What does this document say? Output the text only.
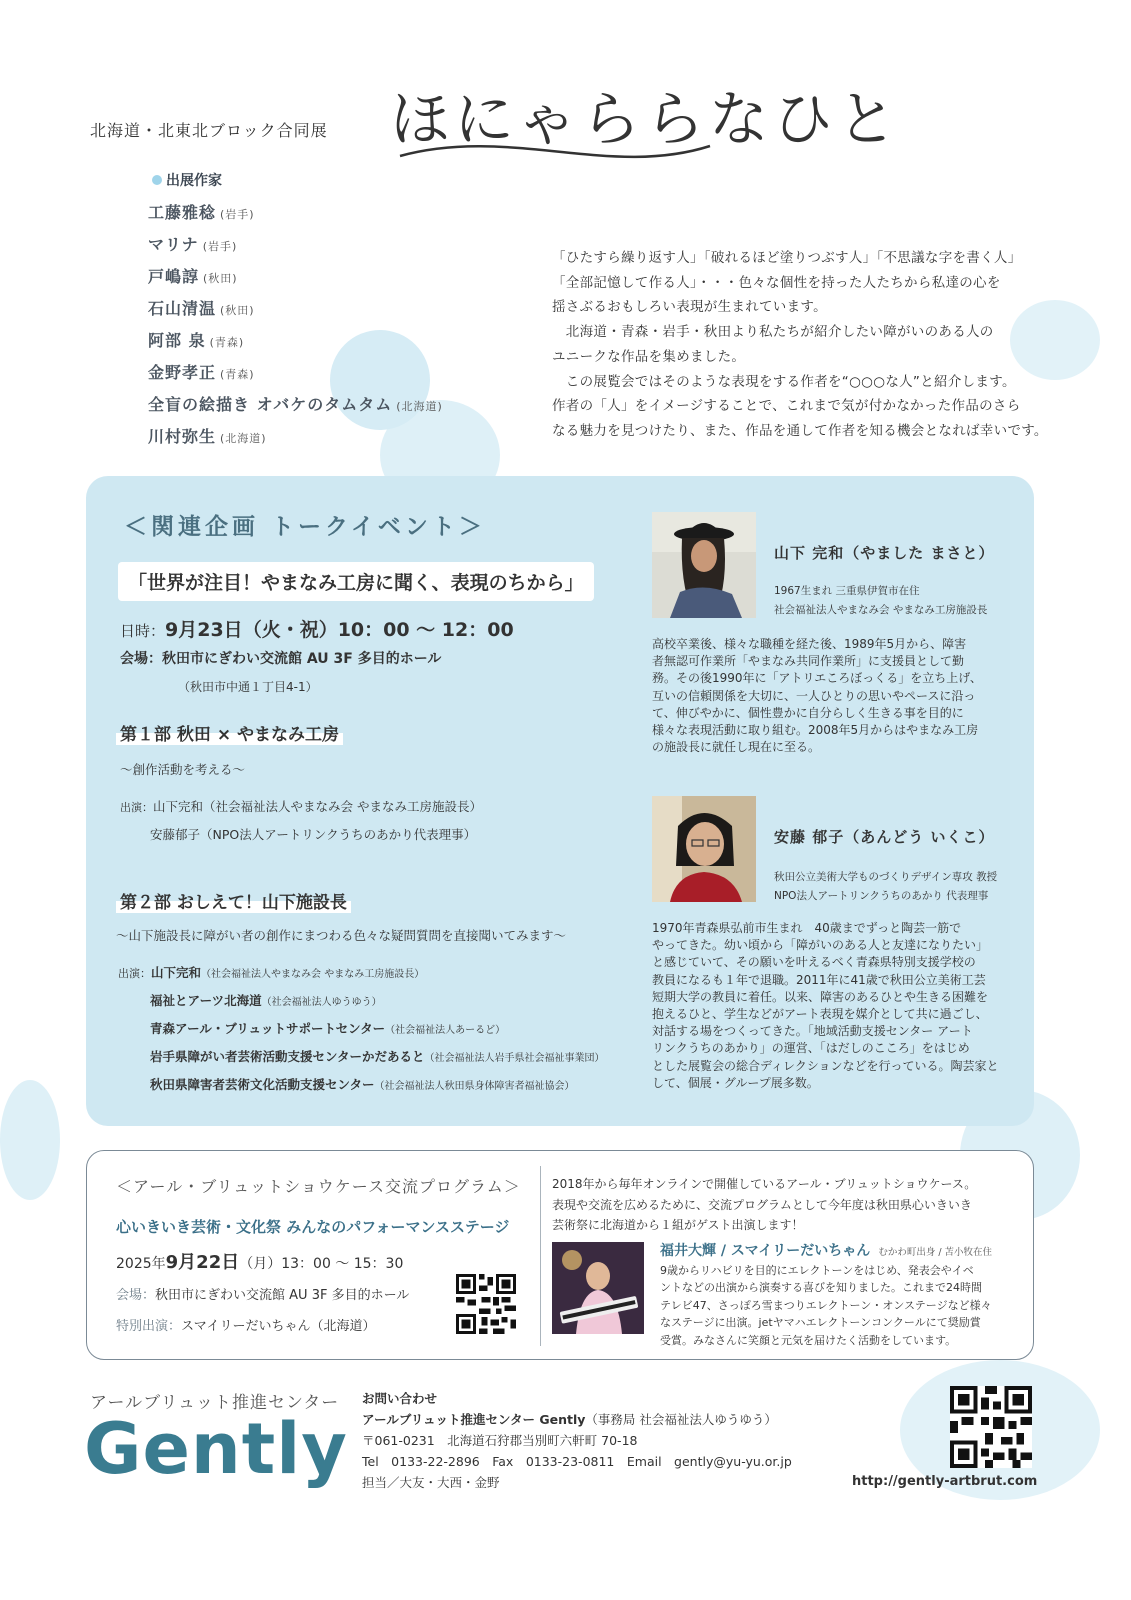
北海道・北東北ブロック合同展 ほにゃららなひと
出展作家
工藤雅稔 (岩手)
マリナ (岩手)
戸嶋諄 (秋田)
石山清温 (秋田)
阿部 泉 (青森)
金野孝正 (青森)
全盲の絵描き オバケのタムタム (北海道)
川村弥生 (北海道)

「ひたすら繰り返す人」「破れるほど塗りつぶす人」「不思議な字を書く人」

「全部記憶して作る人」・・・色々な個性を持った人たちから私達の心を

揺さぶるおもしろい表現が生まれています。

　北海道・青森・岩手・秋田より私たちが紹介したい障がいのある人の

ユニークな作品を集めました。

　この展覧会ではそのような表現をする作者を“○○○な人”と紹介します。

作者の「人」をイメージすることで、これまで気が付かなかった作品のさら

なる魅力を見つけたり、また、作品を通して作者を知る機会となれば幸いです。

＜関連企画 トークイベント＞
「世界が注目！やまなみ工房に聞く、表現のちから」
日時：9月23日（火・祝）10：00 ～ 12：00
会場：秋田市にぎわい交流館 AU 3F 多目的ホール
（秋田市中通１丁目4-1）
第１部 秋田 × やまなみ工房
～創作活動を考える～
出演：山下完和（社会福祉法人やまなみ会 やまなみ工房施設長）
安藤郁子（NPO法人アートリンクうちのあかり代表理事）
第２部 おしえて！山下施設長
～山下施設長に障がい者の創作にまつわる色々な疑問質問を直接聞いてみます～
出演：山下完和（社会福祉法人やまなみ会 やまなみ工房施設長）
福祉とアーツ北海道（社会福祉法人ゆうゆう）
青森アール・ブリュットサポートセンター（社会福祉法人あーるど）
岩手県障がい者芸術活動支援センターかだあると（社会福祉法人岩手県社会福祉事業団）
秋田県障害者芸術文化活動支援センター（社会福祉法人秋田県身体障害者福祉協会）
山下 完和（やました まさと）
1967生まれ 三重県伊賀市在住
社会福祉法人やまなみ会 やまなみ工房施設長
高校卒業後、様々な職種を経た後、1989年5月から、障害
者無認可作業所「やまなみ共同作業所」に支援員として勤
務。その後1990年に「アトリエころぼっくる」を立ち上げ、
互いの信頼関係を大切に、一人ひとりの思いやペースに沿っ
て、伸びやかに、個性豊かに自分らしく生きる事を目的に
様々な表現活動に取り組む。2008年5月からはやまなみ工房
の施設長に就任し現在に至る。
安藤 郁子（あんどう いくこ）
秋田公立美術大学ものづくりデザイン専攻 教授
NPO法人アートリンクうちのあかり 代表理事
1970年青森県弘前市生まれ　40歳までずっと陶芸一筋で
やってきた。幼い頃から「障がいのある人と友達になりたい」
と感じていて、その願いを叶えるべく青森県特別支援学校の
教員になるも１年で退職。2011年に41歳で秋田公立美術工芸
短期大学の教員に着任。以来、障害のあるひとや生きる困難を
抱えるひと、学生などがアート表現を媒介として共に過ごし、
対話する場をつくってきた。「地域活動支援センター アート
リンクうちのあかり」の運営、「はだしのこころ」をはじめ
とした展覧会の総合ディレクションなどを行っている。陶芸家と
して、個展・グループ展多数。
＜アール・ブリュットショウケース交流プログラム＞
心いきいき芸術・文化祭 みんなのパフォーマンスステージ
2025年9月22日（月）13：00 ～ 15：30
会場：秋田市にぎわい交流館 AU 3F 多目的ホール
特別出演：スマイリーだいちゃん（北海道）
2018年から毎年オンラインで開催しているアール・ブリュットショウケース。
表現や交流を広めるために、交流プログラムとして今年度は秋田県心いきいき
芸術祭に北海道から１組がゲスト出演します！
福井大輝 / スマイリーだいちゃん むかわ町出身 / 苫小牧在住
9歳からリハビリを目的にエレクトーンをはじめ、発表会やイベ
ントなどの出演から演奏する喜びを知りました。これまで24時間
テレビ47、さっぽろ雪まつりエレクトーン・オンステージなど様々
なステージに出演。jetヤマハエレクトーンコンクールにて奨励賞
受賞。みなさんに笑顔と元気を届けたく活動をしています。
アールブリュット推進センター
Gently
お問い合わせ
アールブリュット推進センター Gently（事務局 社会福祉法人ゆうゆう）
〒061-0231　北海道石狩郡当別町六軒町 70-18
Tel　0133-22-2896　Fax　0133-23-0811　Email　gently@yu-yu.or.jp
担当／大友・大西・金野	http://gently-artbrut.com
